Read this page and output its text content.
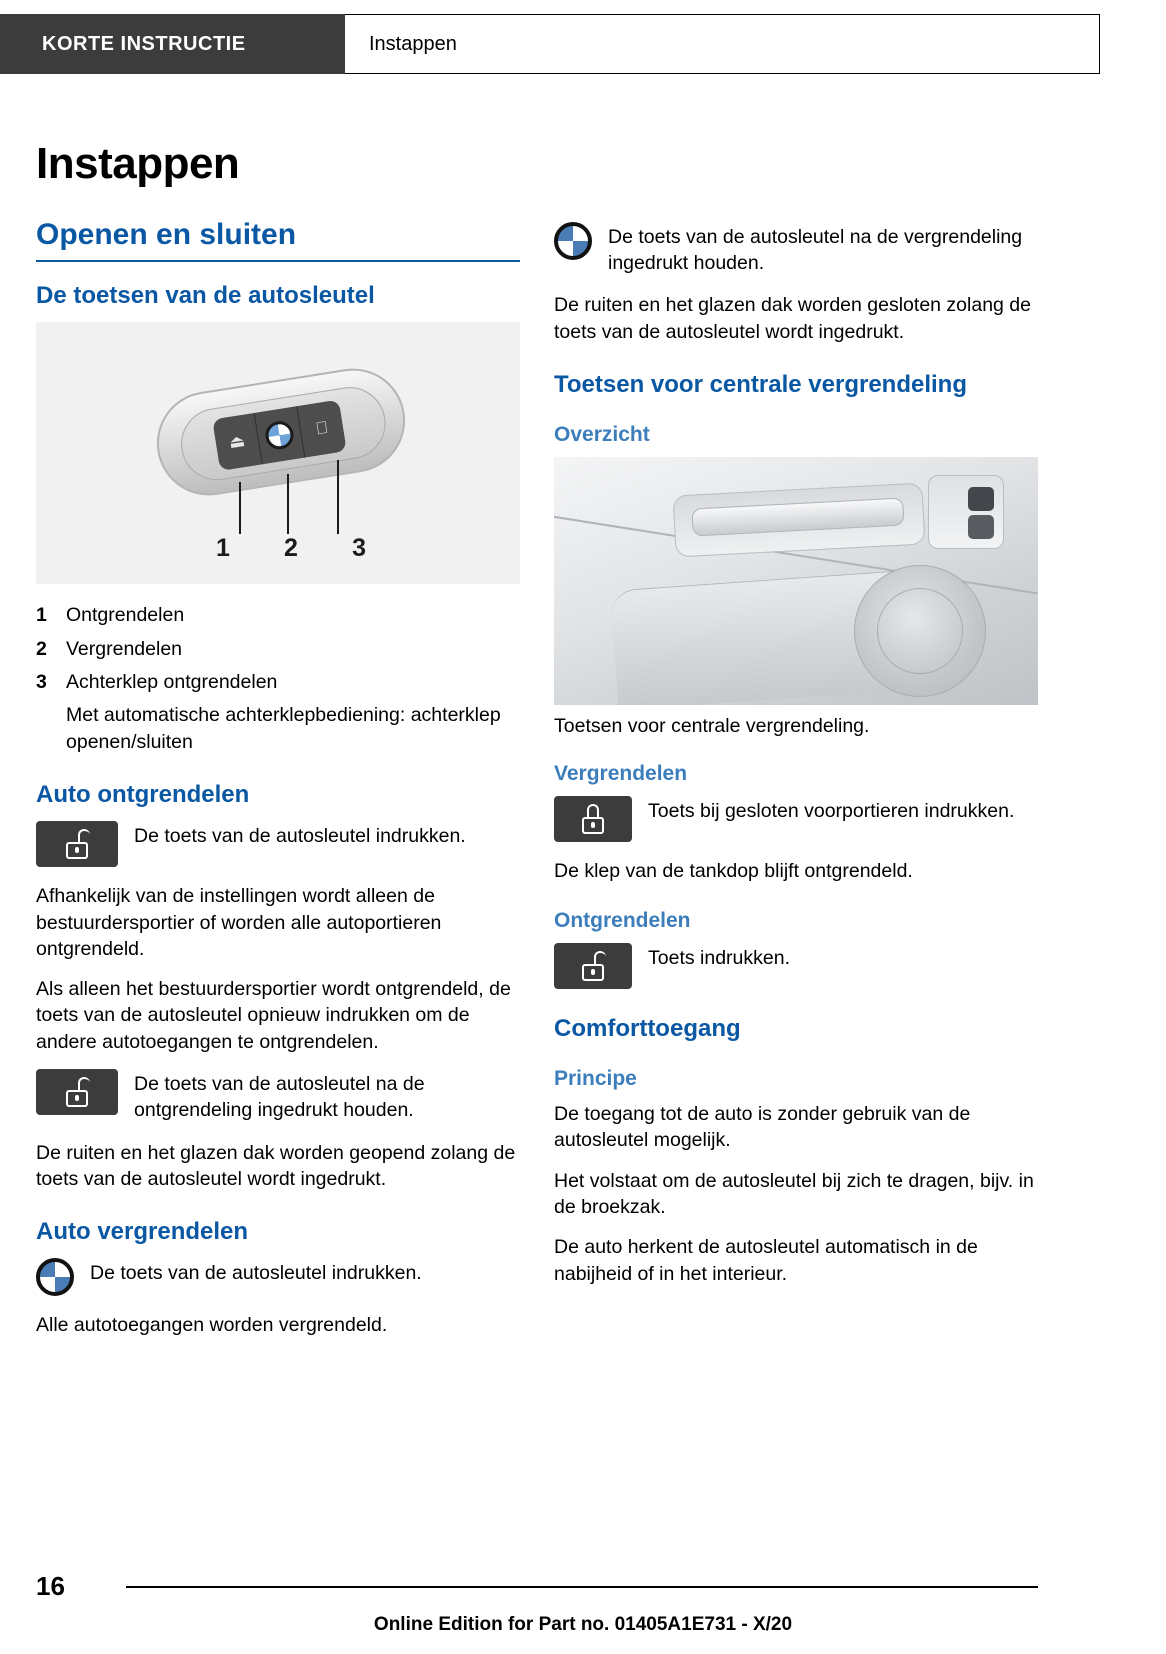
KORTE INSTRUCTIE	Instappen
Instappen
Openen en sluiten
De toetsen van de autosleutel
⏏
⎕
1 2 3
1 Ontgrendelen
2 Vergrendelen
3 Achterklep ontgrendelen
Met automatische achterklepbediening: achterklep openen/sluiten
Auto ontgrendelen
De toets van de autosleutel indrukken.

Afhankelijk van de instellingen wordt alleen de bestuurdersportier of worden alle autoportieren ontgrendeld.

Als alleen het bestuurdersportier wordt ontgrendeld, de toets van de autosleutel opnieuw indrukken om de andere autotoegangen te ontgrendelen.

De toets van de autosleutel na de ontgrendeling ingedrukt houden.

De ruiten en het glazen dak worden geopend zolang de toets van de autosleutel wordt ingedrukt.

Auto vergrendelen
De toets van de autosleutel indrukken.

Alle autotoegangen worden vergrendeld.

De toets van de autosleutel na de vergrendeling ingedrukt houden.

De ruiten en het glazen dak worden gesloten zolang de toets van de autosleutel wordt ingedrukt.

Toetsen voor centrale vergrendeling
Overzicht

Toetsen voor centrale vergrendeling.

Vergrendelen
Toets bij gesloten voorportieren indrukken.

De klep van de tankdop blijft ontgrendeld.

Ontgrendelen
Toets indrukken.
Comforttoegang
Principe

De toegang tot de auto is zonder gebruik van de autosleutel mogelijk.

Het volstaat om de autosleutel bij zich te dragen, bijv. in de broekzak.

De auto herkent de autosleutel automatisch in de nabijheid of in het interieur.

16
Online Edition for Part no. 01405A1E731 - X/20
